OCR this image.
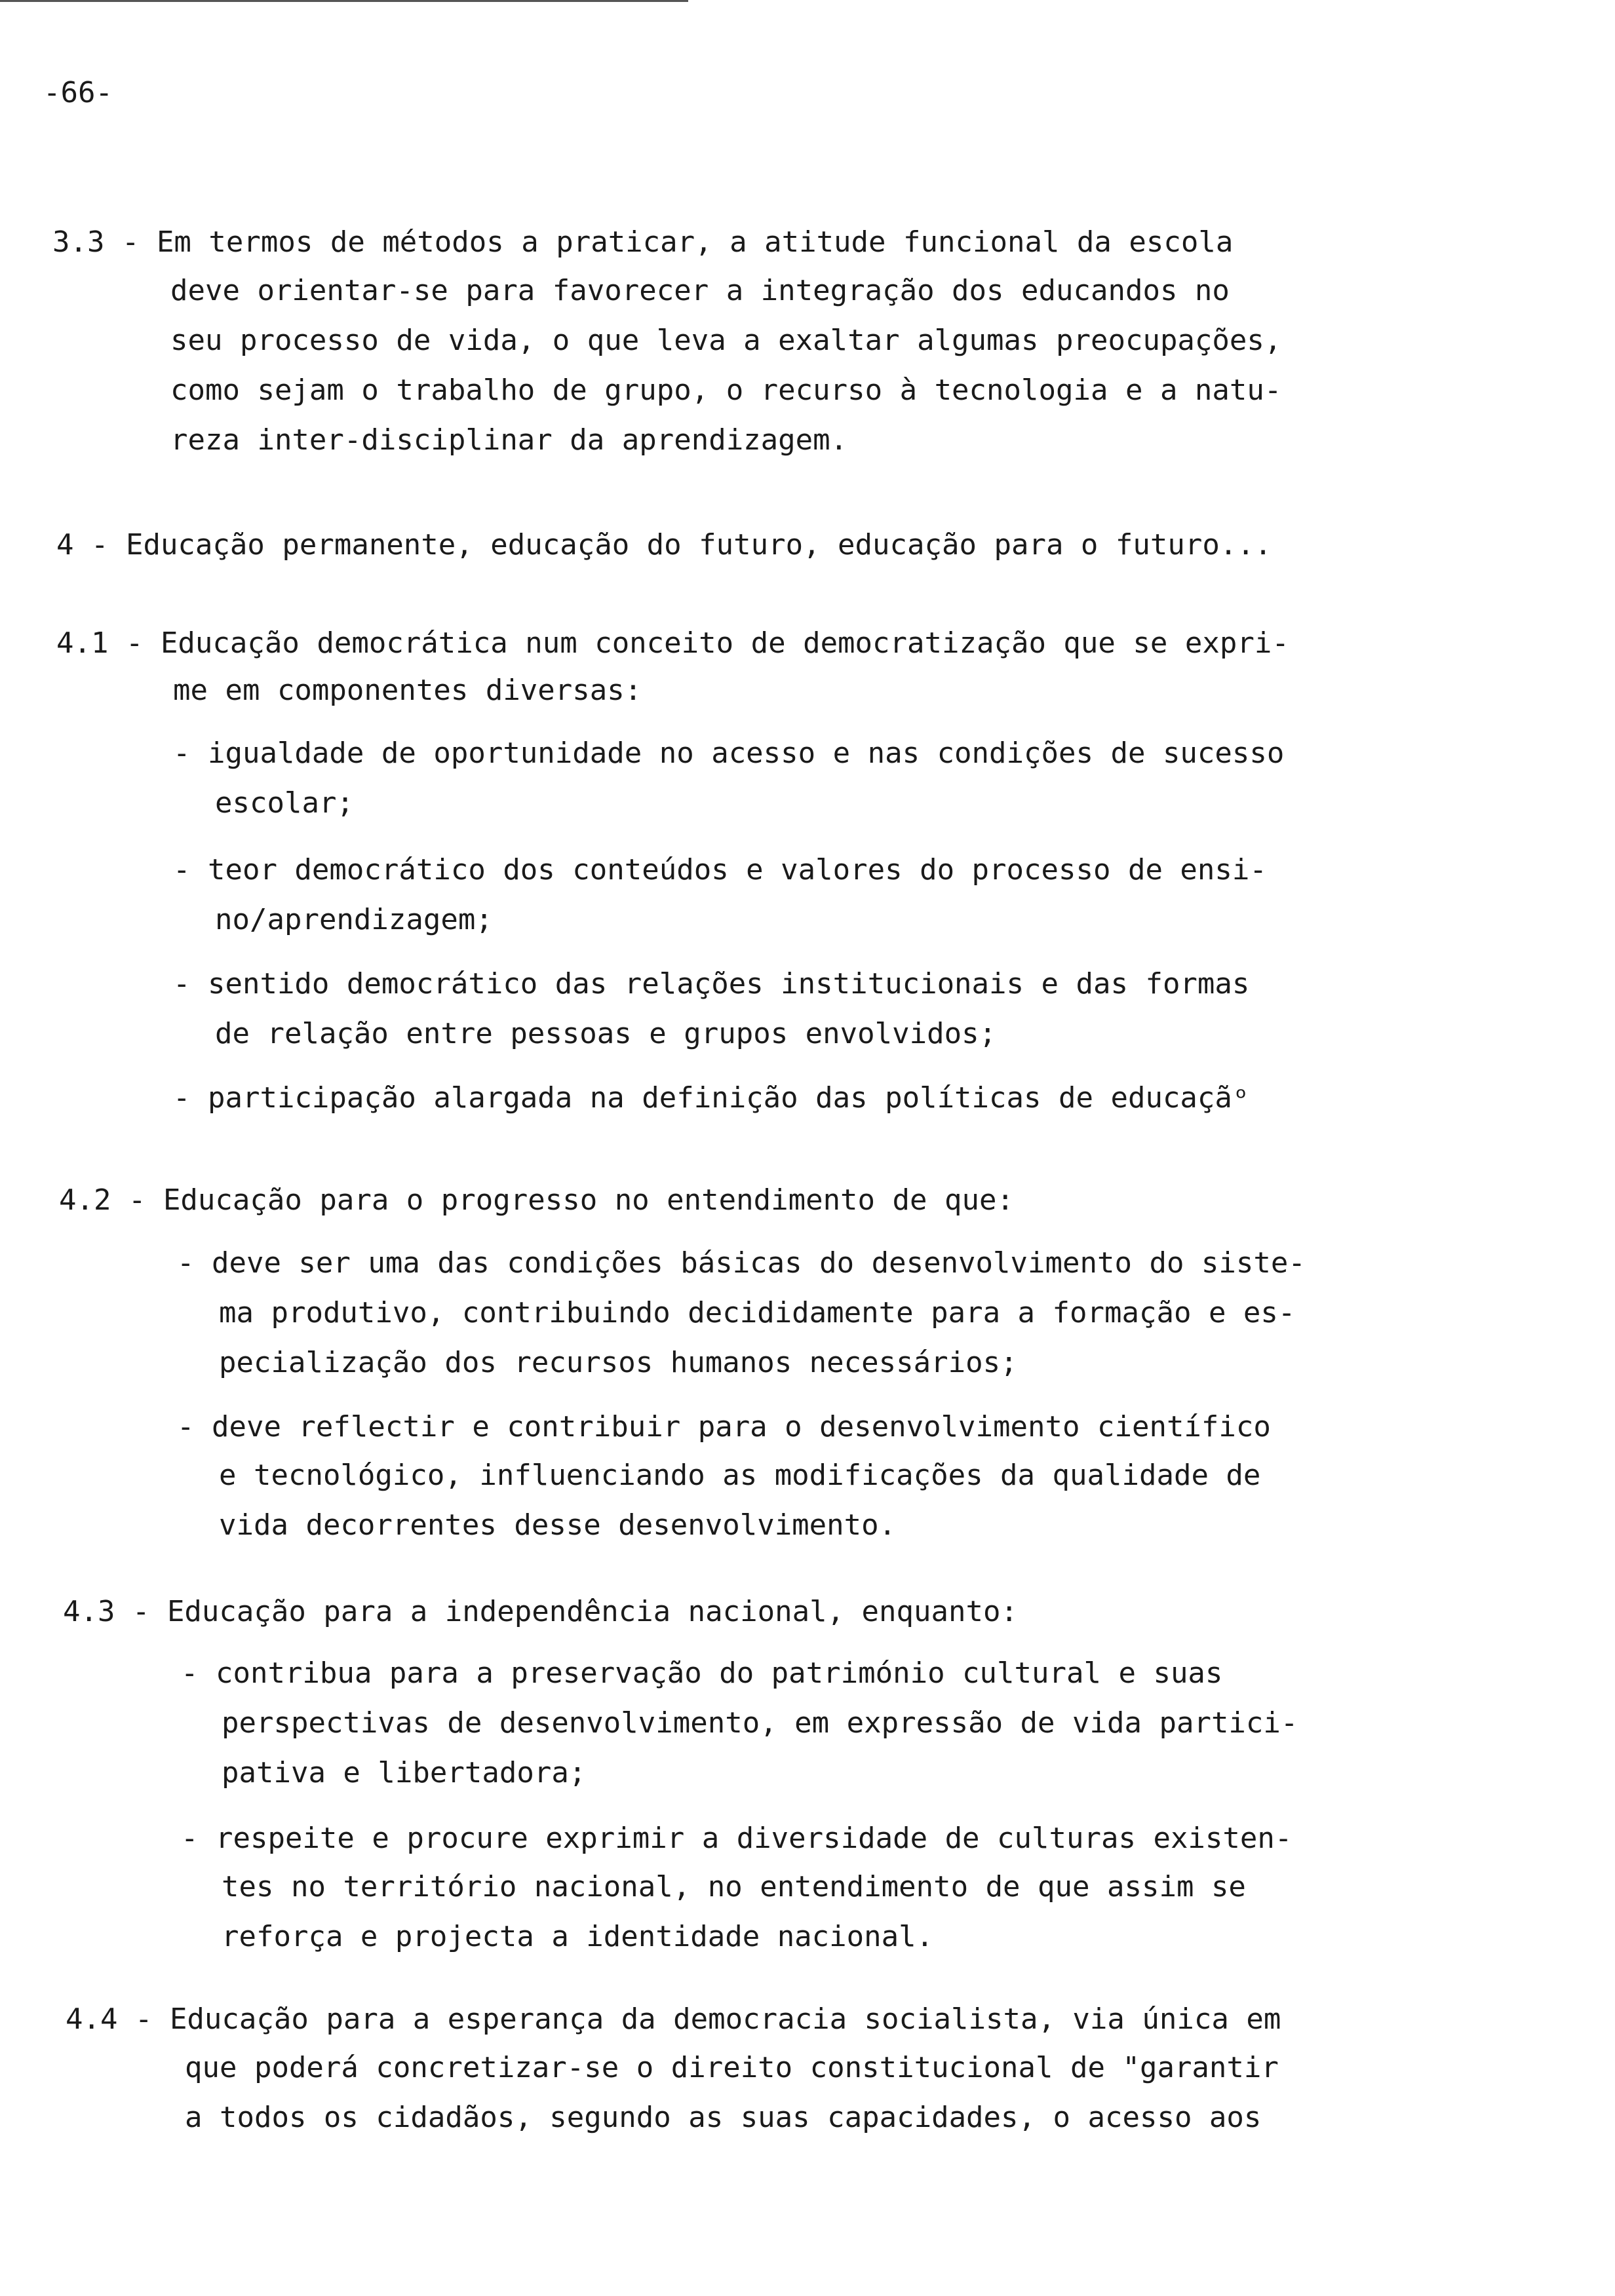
-66-
3.3 - Em termos de métodos a praticar, a atitude funcional da escola
deve orientar-se para favorecer a integração dos educandos no
seu processo de vida, o que leva a exaltar algumas preocupações,
como sejam o trabalho de grupo, o recurso à tecnologia e a natu-
reza inter-disciplinar da aprendizagem.
4 - Educação permanente, educação do futuro, educação para o futuro...
4.1 - Educação democrática num conceito de democratização que se expri-
me em componentes diversas:
- igualdade de oportunidade no acesso e nas condições de sucesso
escolar;
- teor democrático dos conteúdos e valores do processo de ensi-
no/aprendizagem;
- sentido democrático das relações institucionais e das formas
de relação entre pessoas e grupos envolvidos;
- participação alargada na definição das políticas de educaçãᵒ
4.2 - Educação para o progresso no entendimento de que:
- deve ser uma das condições básicas do desenvolvimento do siste-
ma produtivo, contribuindo decididamente para a formação e es-
pecialização dos recursos humanos necessários;
- deve reflectir e contribuir para o desenvolvimento científico
e tecnológico, influenciando as modificações da qualidade de
vida decorrentes desse desenvolvimento.
4.3 - Educação para a independência nacional, enquanto:
- contribua para a preservação do património cultural e suas
perspectivas de desenvolvimento, em expressão de vida partici-
pativa e libertadora;
- respeite e procure exprimir a diversidade de culturas existen-
tes no território nacional, no entendimento de que assim se
reforça e projecta a identidade nacional.
4.4 - Educação para a esperança da democracia socialista, via única em
que poderá concretizar-se o direito constitucional de "garantir
a todos os cidadãos, segundo as suas capacidades, o acesso aos
